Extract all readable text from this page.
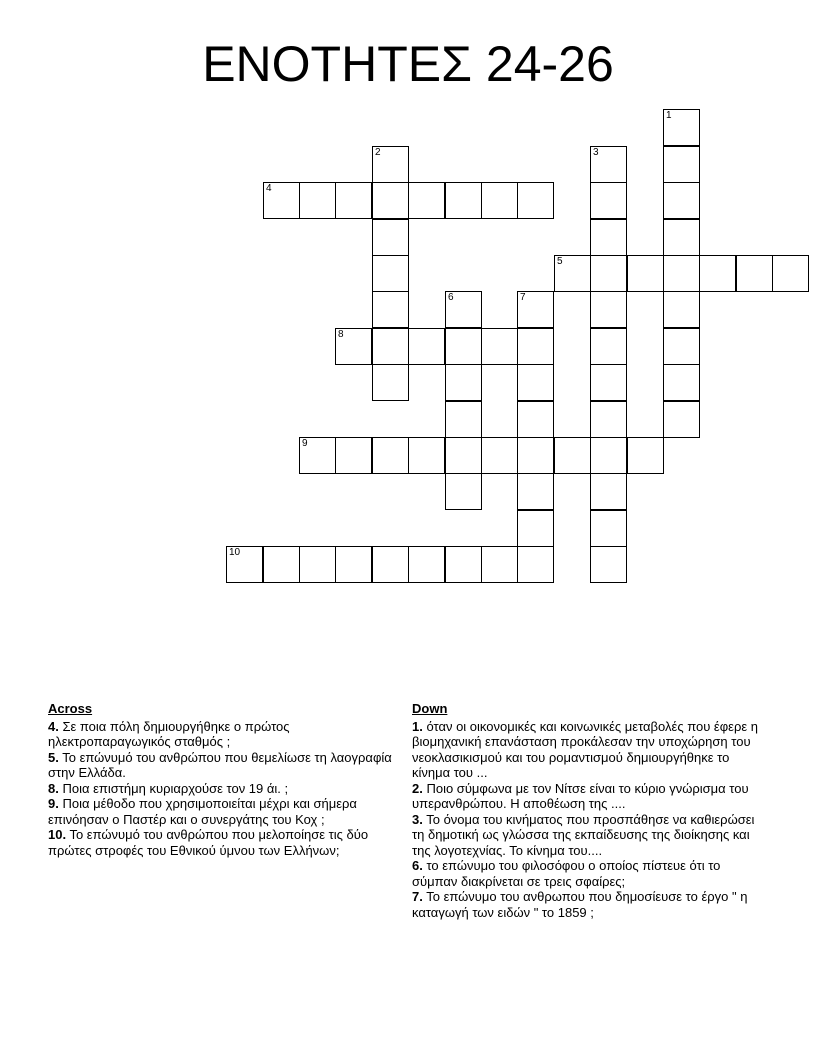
ΕΝΟΤΗΤΕΣ 24-26
1
2	3
4
5
6	7
8
9
10
Across

4. Σε ποια πόλη δημιουργήθηκε ο πρώτος ηλεκτροπαραγωγικός σταθμός ;

5. Το επώνυμό του ανθρώπου που θεμελίωσε τη λαογραφία στην Ελλάδα.

8. Ποια επιστήμη κυριαρχούσε τον 19 άι. ;

9. Ποια μέθοδο που χρησιμοποιείται μέχρι και σήμερα επινόησαν ο Παστέρ και ο συνεργάτης του Κοχ ;

10. Το επώνυμό του ανθρώπου που μελοποίησε τις δύο πρώτες στροφές του Εθνικού ύμνου των Ελλήνων;

Down

1. όταν οι οικονομικές και κοινωνικές μεταβολές που έφερε η βιομηχανική επανάσταση προκάλεσαν την υποχώρηση του νεοκλασικισμού και του ρομαντισμού δημιουργήθηκε το κίνημα του ...

2. Ποιο σύμφωνα με τον Νίτσε είναι το κύριο γνώρισμα του υπερανθρώπου. Η αποθέωση της ....

3. Το όνομα του κινήματος που προσπάθησε να καθιερώσει τη δημοτική ως γλώσσα της εκπαίδευσης της διοίκησης και της λογοτεχνίας. Το κίνημα του....

6. το επώνυμο του φιλοσόφου ο οποίος πίστευε ότι το σύμπαν διακρίνεται σε τρεις σφαίρες;

7. Το επώνυμο του ανθρωπου που δημοσίευσε το έργο " η καταγωγή των ειδών " το 1859 ;
